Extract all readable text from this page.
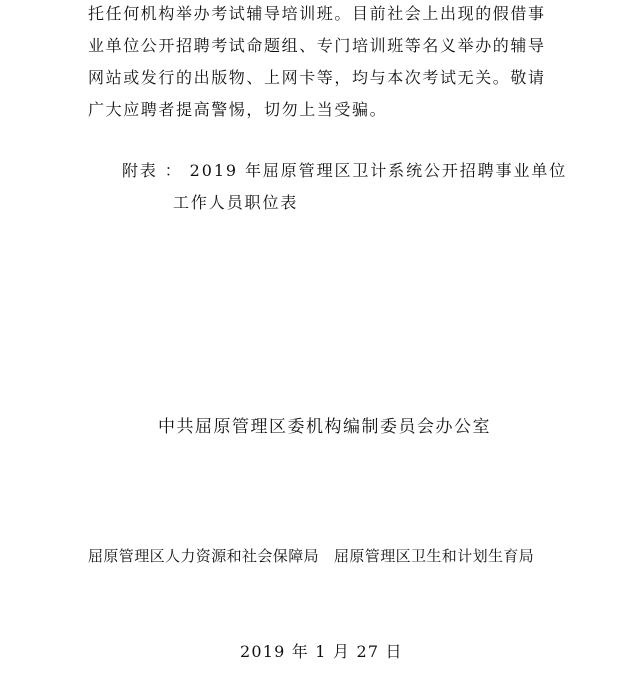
托任何机构举办考试辅导培训班。目前社会上出现的假借事
业单位公开招聘考试命题组、专门培训班等名义举办的辅导
网站或发行的出版物、上网卡等，均与本次考试无关。敬请
广大应聘者提高警惕，切勿上当受骗。
附表 ： 2019 年屈原管理区卫计系统公开招聘事业单位
工作人员职位表
中共屈原管理区委机构编制委员会办公室
屈原管理区人力资源和社会保障局 屈原管理区卫生和计划生育局
2019 年 1 月 27 日
